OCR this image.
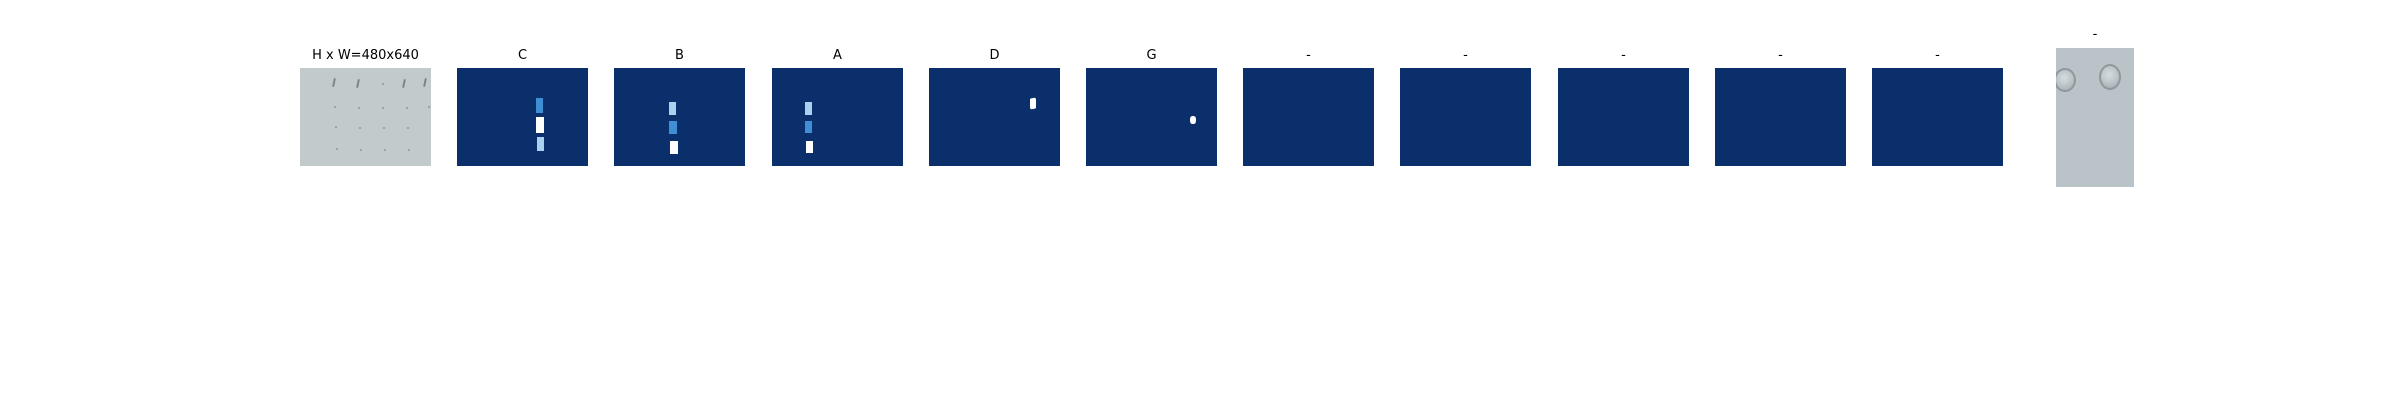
H x W=480x640	C	B	A	D	G	-	-	-	-	-
-
